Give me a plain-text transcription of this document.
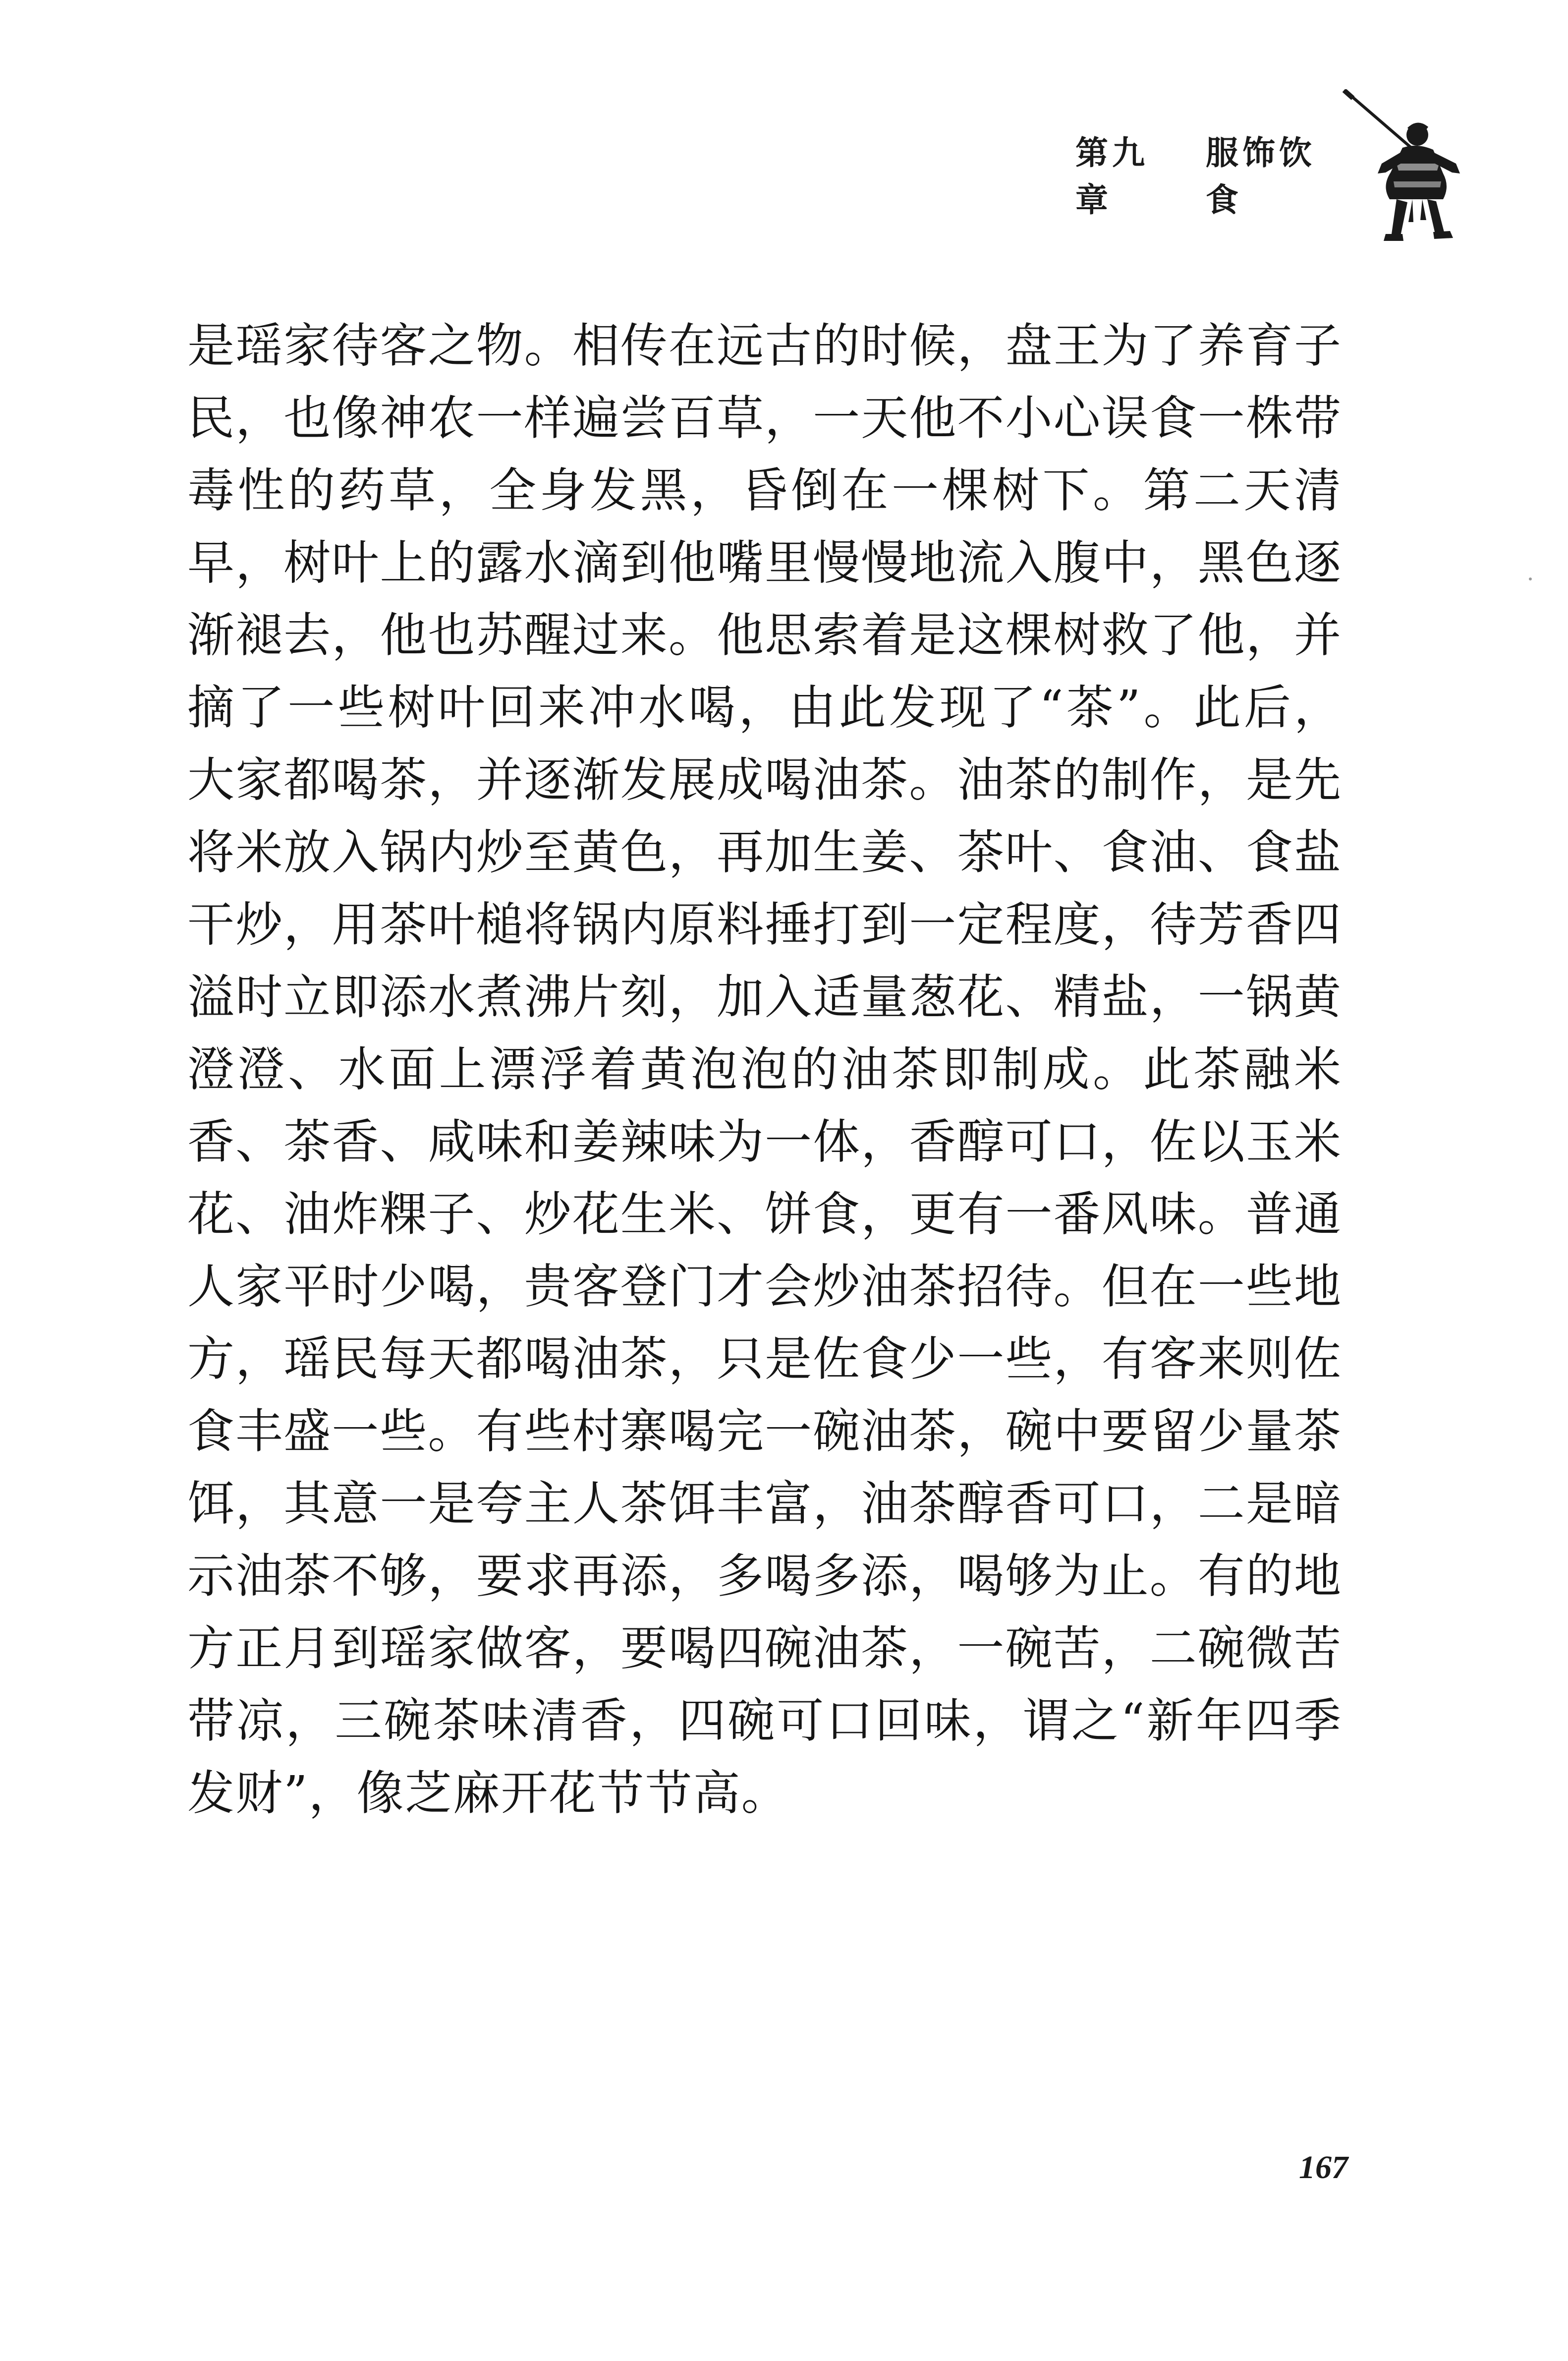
第九章
服饰饮食

是瑶家待客之物。相传在远古的时候，盘王为了养育子民，也像神农一样遍尝百草，一天他不小心误食一株带毒性的药草，全身发黑，昏倒在一棵树下。第二天清早，树叶上的露水滴到他嘴里慢慢地流入腹中，黑色逐渐褪去，他也苏醒过来。他思索着是这棵树救了他，并摘了一些树叶回来冲水喝，由此发现了“茶”。此后，大家都喝茶，并逐渐发展成喝油茶。油茶的制作，是先将米放入锅内炒至黄色，再加生姜、茶叶、食油、食盐干炒，用茶叶槌将锅内原料捶打到一定程度，待芳香四溢时立即添水煮沸片刻，加入适量葱花、精盐，一锅黄澄澄、水面上漂浮着黄泡泡的油茶即制成。此茶融米香、茶香、咸味和姜辣味为一体，香醇可口，佐以玉米花、油炸粿子、炒花生米、饼食，更有一番风味。普通人家平时少喝，贵客登门才会炒油茶招待。但在一些地方，瑶民每天都喝油茶，只是佐食少一些，有客来则佐食丰盛一些。有些村寨喝完一碗油茶，碗中要留少量茶饵，其意一是夸主人茶饵丰富，油茶醇香可口，二是暗示油茶不够，要求再添，多喝多添，喝够为止。有的地方正月到瑶家做客，要喝四碗油茶，一碗苦，二碗微苦带凉，三碗茶味清香，四碗可口回味，谓之“新年四季发财”，像芝麻开花节节高。

167
